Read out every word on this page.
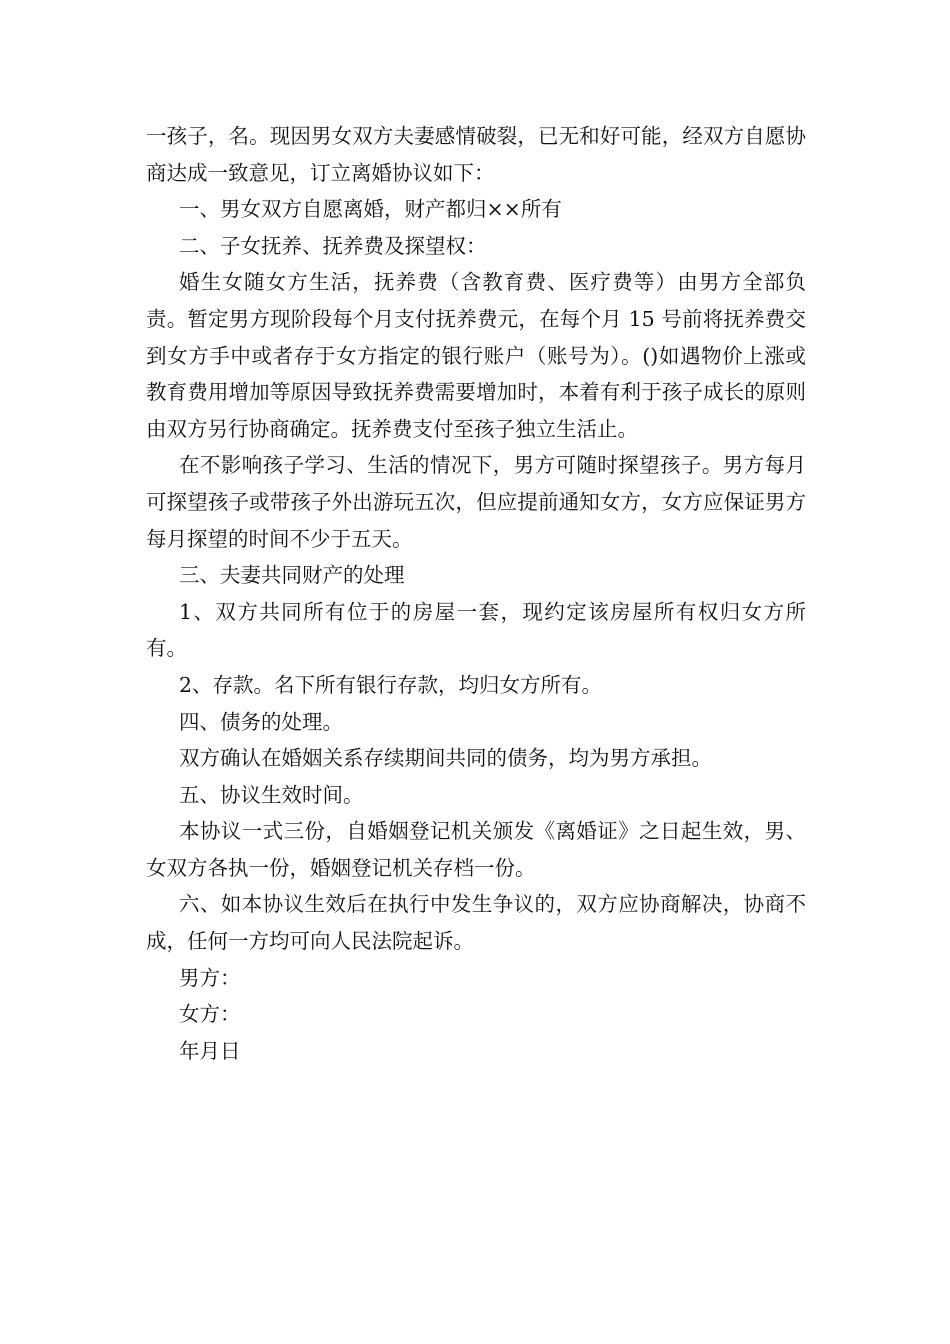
一孩子，名。现因男女双方夫妻感情破裂，已无和好可能，经双方自愿协商达成一致意见，订立离婚协议如下：

一、男女双方自愿离婚，财产都归××所有

二、子女抚养、抚养费及探望权：

婚生女随女方生活，抚养费（含教育费、医疗费等）由男方全部负责。暂定男方现阶段每个月支付抚养费元，在每个月 15 号前将抚养费交到女方手中或者存于女方指定的银行账户（账号为）。()如遇物价上涨或教育费用增加等原因导致抚养费需要增加时，本着有利于孩子成长的原则由双方另行协商确定。抚养费支付至孩子独立生活止。

在不影响孩子学习、生活的情况下，男方可随时探望孩子。男方每月可探望孩子或带孩子外出游玩五次，但应提前通知女方，女方应保证男方每月探望的时间不少于五天。

三、夫妻共同财产的处理

1、双方共同所有位于的房屋一套，现约定该房屋所有权归女方所有。

2、存款。名下所有银行存款，均归女方所有。

四、债务的处理。

双方确认在婚姻关系存续期间共同的债务，均为男方承担。

五、协议生效时间。

本协议一式三份，自婚姻登记机关颁发《离婚证》之日起生效，男、女双方各执一份，婚姻登记机关存档一份。

六、如本协议生效后在执行中发生争议的，双方应协商解决，协商不成，任何一方均可向人民法院起诉。

男方：

女方：

年月日
